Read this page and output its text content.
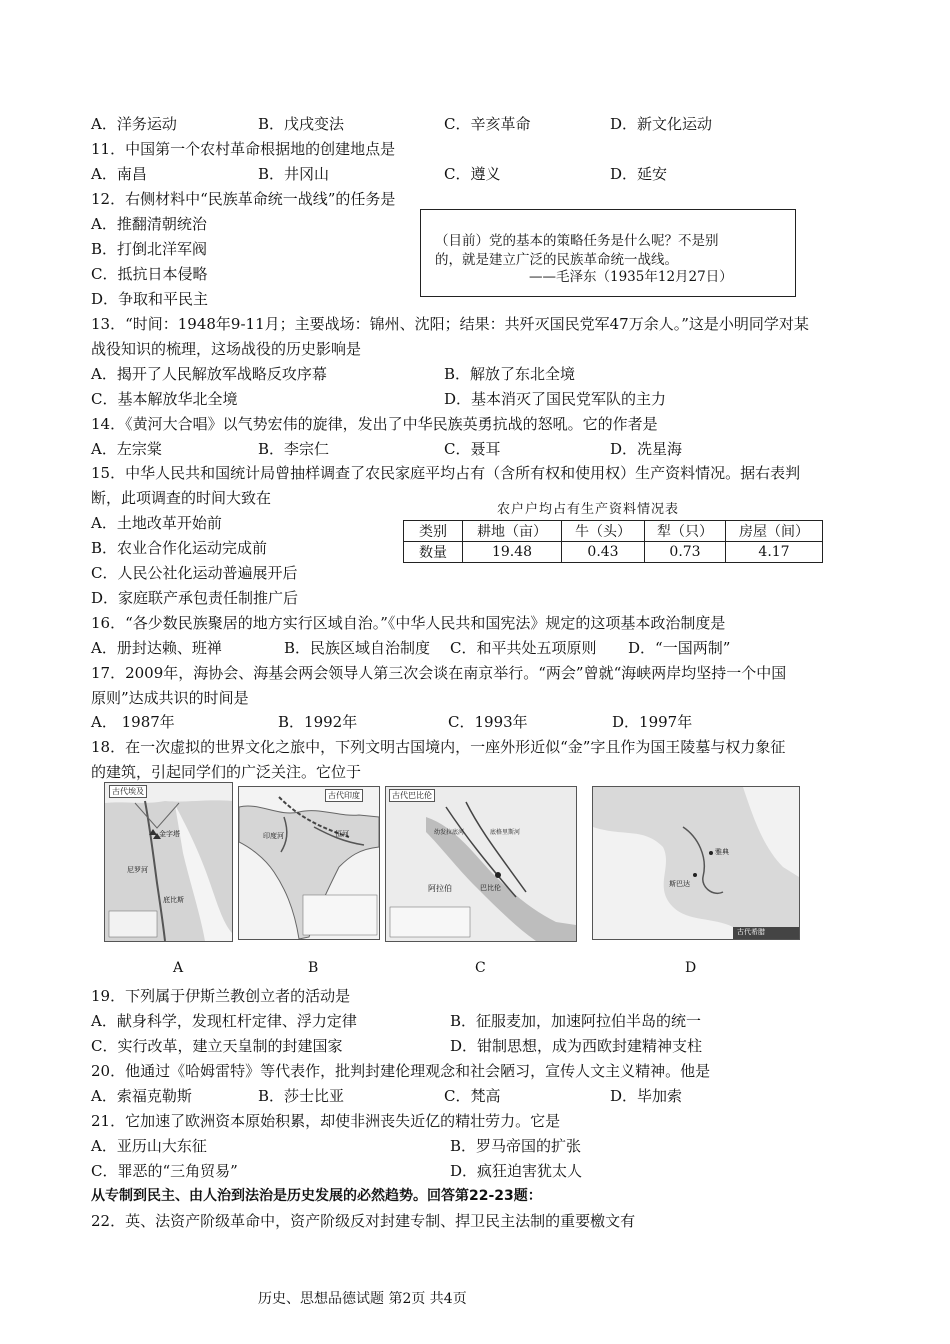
A．洋务运动	B．戊戌变法	C．辛亥革命	D．新文化运动
11．中国第一个农村革命根据地的创建地点是
A．南昌	B．井冈山	C．遵义	D．延安
12．右侧材料中“民族革命统一战线”的任务是
A．推翻清朝统治
B．打倒北洋军阀
C．抵抗日本侵略
D．争取和平民主
（目前）党的基本的策略任务是什么呢？不是别
的，就是建立广泛的民族革命统一战线。
——毛泽东（1935年12月27日）
13．“时间：1948年9-11月；主要战场：锦州、沈阳；结果：共歼灭国民党军47万余人。”这是小明同学对某
战役知识的梳理，这场战役的历史影响是
A．揭开了人民解放军战略反攻序幕	B．解放了东北全境
C．基本解放华北全境	D．基本消灭了国民党军队的主力
14．《黄河大合唱》以气势宏伟的旋律，发出了中华民族英勇抗战的怒吼。它的作者是
A．左宗棠	B．李宗仁	C．聂耳	D．冼星海
15．中华人民共和国统计局曾抽样调查了农民家庭平均占有（含所有权和使用权）生产资料情况。据右表判
断，此项调查的时间大致在
A．土地改革开始前
B．农业合作化运动完成前
C．人民公社化运动普遍展开后
D．家庭联产承包责任制推广后
农户户均占有生产资料情况表
类别	耕地（亩）	牛（头）	犁（只）	房屋（间）
数量	19.48	0.43	0.73	4.17
16．“各少数民族聚居的地方实行区域自治。”《中华人民共和国宪法》规定的这项基本政治制度是
A．册封达赖、班禅	B．民族区域自治制度 C．和平共处五项原则 D．“一国两制”
17．2009年，海协会、海基会两会领导人第三次会谈在南京举行。“两会”曾就“海峡两岸均坚持一个中国
原则”达成共识的时间是
A． 1987年	B．1992年	C．1993年	D．1997年
18．在一次虚拟的世界文化之旅中，下列文明古国境内，一座外形近似“金”字且作为国王陵墓与权力象征
的建筑，引起同学们的广泛关注。它位于
古代埃及
金字塔
尼罗河
底比斯
古代印度
恒河
印度河
古代巴比伦
阿拉伯	巴比伦
幼发拉底河	底格里斯河
雅典
斯巴达
古代希腊
A	B	C	D
19．下列属于伊斯兰教创立者的活动是
A．献身科学，发现杠杆定律、浮力定律	B．征服麦加，加速阿拉伯半岛的统一
C．实行改革，建立天皇制的封建国家	D．钳制思想，成为西欧封建精神支柱
20．他通过《哈姆雷特》等代表作，批判封建伦理观念和社会陋习，宣传人文主义精神。他是
A．索福克勒斯	B．莎士比亚	C．梵高	D．毕加索
21．它加速了欧洲资本原始积累，却使非洲丧失近亿的精壮劳力。它是
A．亚历山大东征	B．罗马帝国的扩张
C．罪恶的“三角贸易”	D．疯狂迫害犹太人
从专制到民主、由人治到法治是历史发展的必然趋势。回答第22-23题：
22．英、法资产阶级革命中，资产阶级反对封建专制、捍卫民主法制的重要檄文有
历史、思想品德试题 第2页 共4页
